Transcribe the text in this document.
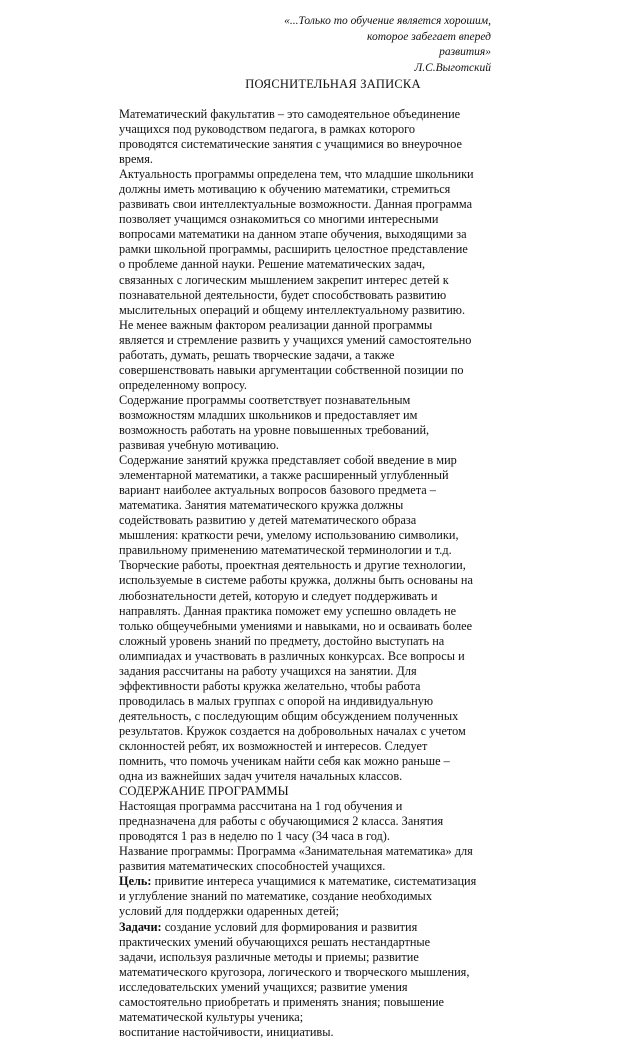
«...Только то обучение является хорошим,
которое забегает вперед
развития»
Л.С.Выготский
ПОЯСНИТЕЛЬНАЯ ЗАПИСКА
Математический факультатив – это самодеятельное объединение
учащихся под руководством педагога, в рамках которого
проводятся систематические занятия с учащимися во внеурочное
время.
Актуальность программы определена тем, что младшие школьники
должны иметь мотивацию к обучению математики, стремиться
развивать свои интеллектуальные возможности. Данная программа
позволяет учащимся ознакомиться со многими интересными
вопросами математики на данном этапе обучения, выходящими за
рамки школьной программы, расширить целостное представление
о проблеме данной науки. Решение математических задач,
связанных с логическим мышлением закрепит интерес детей к
познавательной деятельности, будет способствовать развитию
мыслительных операций и общему интеллектуальному развитию.
Не менее важным фактором реализации данной программы
является и стремление развить у учащихся умений самостоятельно
работать, думать, решать творческие задачи, а также
совершенствовать навыки аргументации собственной позиции по
определенному вопросу.
Содержание программы соответствует познавательным
возможностям младших школьников и предоставляет им
возможность работать на уровне повышенных требований,
развивая учебную мотивацию.
Содержание занятий кружка представляет собой введение в мир
элементарной математики, а также расширенный углубленный
вариант наиболее актуальных вопросов базового предмета –
математика. Занятия математического кружка должны
содействовать развитию у детей математического образа
мышления: краткости речи, умелому использованию символики,
правильному применению математической терминологии и т.д.
Творческие работы, проектная деятельность и другие технологии,
используемые в системе работы кружка, должны быть основаны на
любознательности детей, которую и следует поддерживать и
направлять. Данная практика поможет ему успешно овладеть не
только общеучебными умениями и навыками, но и осваивать более
сложный уровень знаний по предмету, достойно выступать на
олимпиадах и участвовать в различных конкурсах. Все вопросы и
задания рассчитаны на работу учащихся на занятии. Для
эффективности работы кружка желательно, чтобы работа
проводилась в малых группах с опорой на индивидуальную
деятельность, с последующим общим обсуждением полученных
результатов. Кружок создается на добровольных началах с учетом
склонностей ребят, их возможностей и интересов. Следует
помнить, что помочь ученикам найти себя как можно раньше –
одна из важнейших задач учителя начальных классов.
СОДЕРЖАНИЕ ПРОГРАММЫ
Настоящая программа рассчитана на 1 год обучения и
предназначена для работы с обучающимися 2 класса. Занятия
проводятся 1 раз в неделю по 1 часу (34 часа в год).
Название программы: Программа «Занимательная математика» для
развития математических способностей учащихся.
Цель: привитие интереса учащимися к математике, систематизация
и углубление знаний по математике, создание необходимых
условий для поддержки одаренных детей;
Задачи: создание условий для формирования и развития
практических умений обучающихся решать нестандартные
задачи, используя различные методы и приемы; развитие
математического кругозора, логического и творческого мышления,
исследовательских умений учащихся; развитие умения
самостоятельно приобретать и применять знания; повышение
математической культуры ученика;
воспитание настойчивости, инициативы.
